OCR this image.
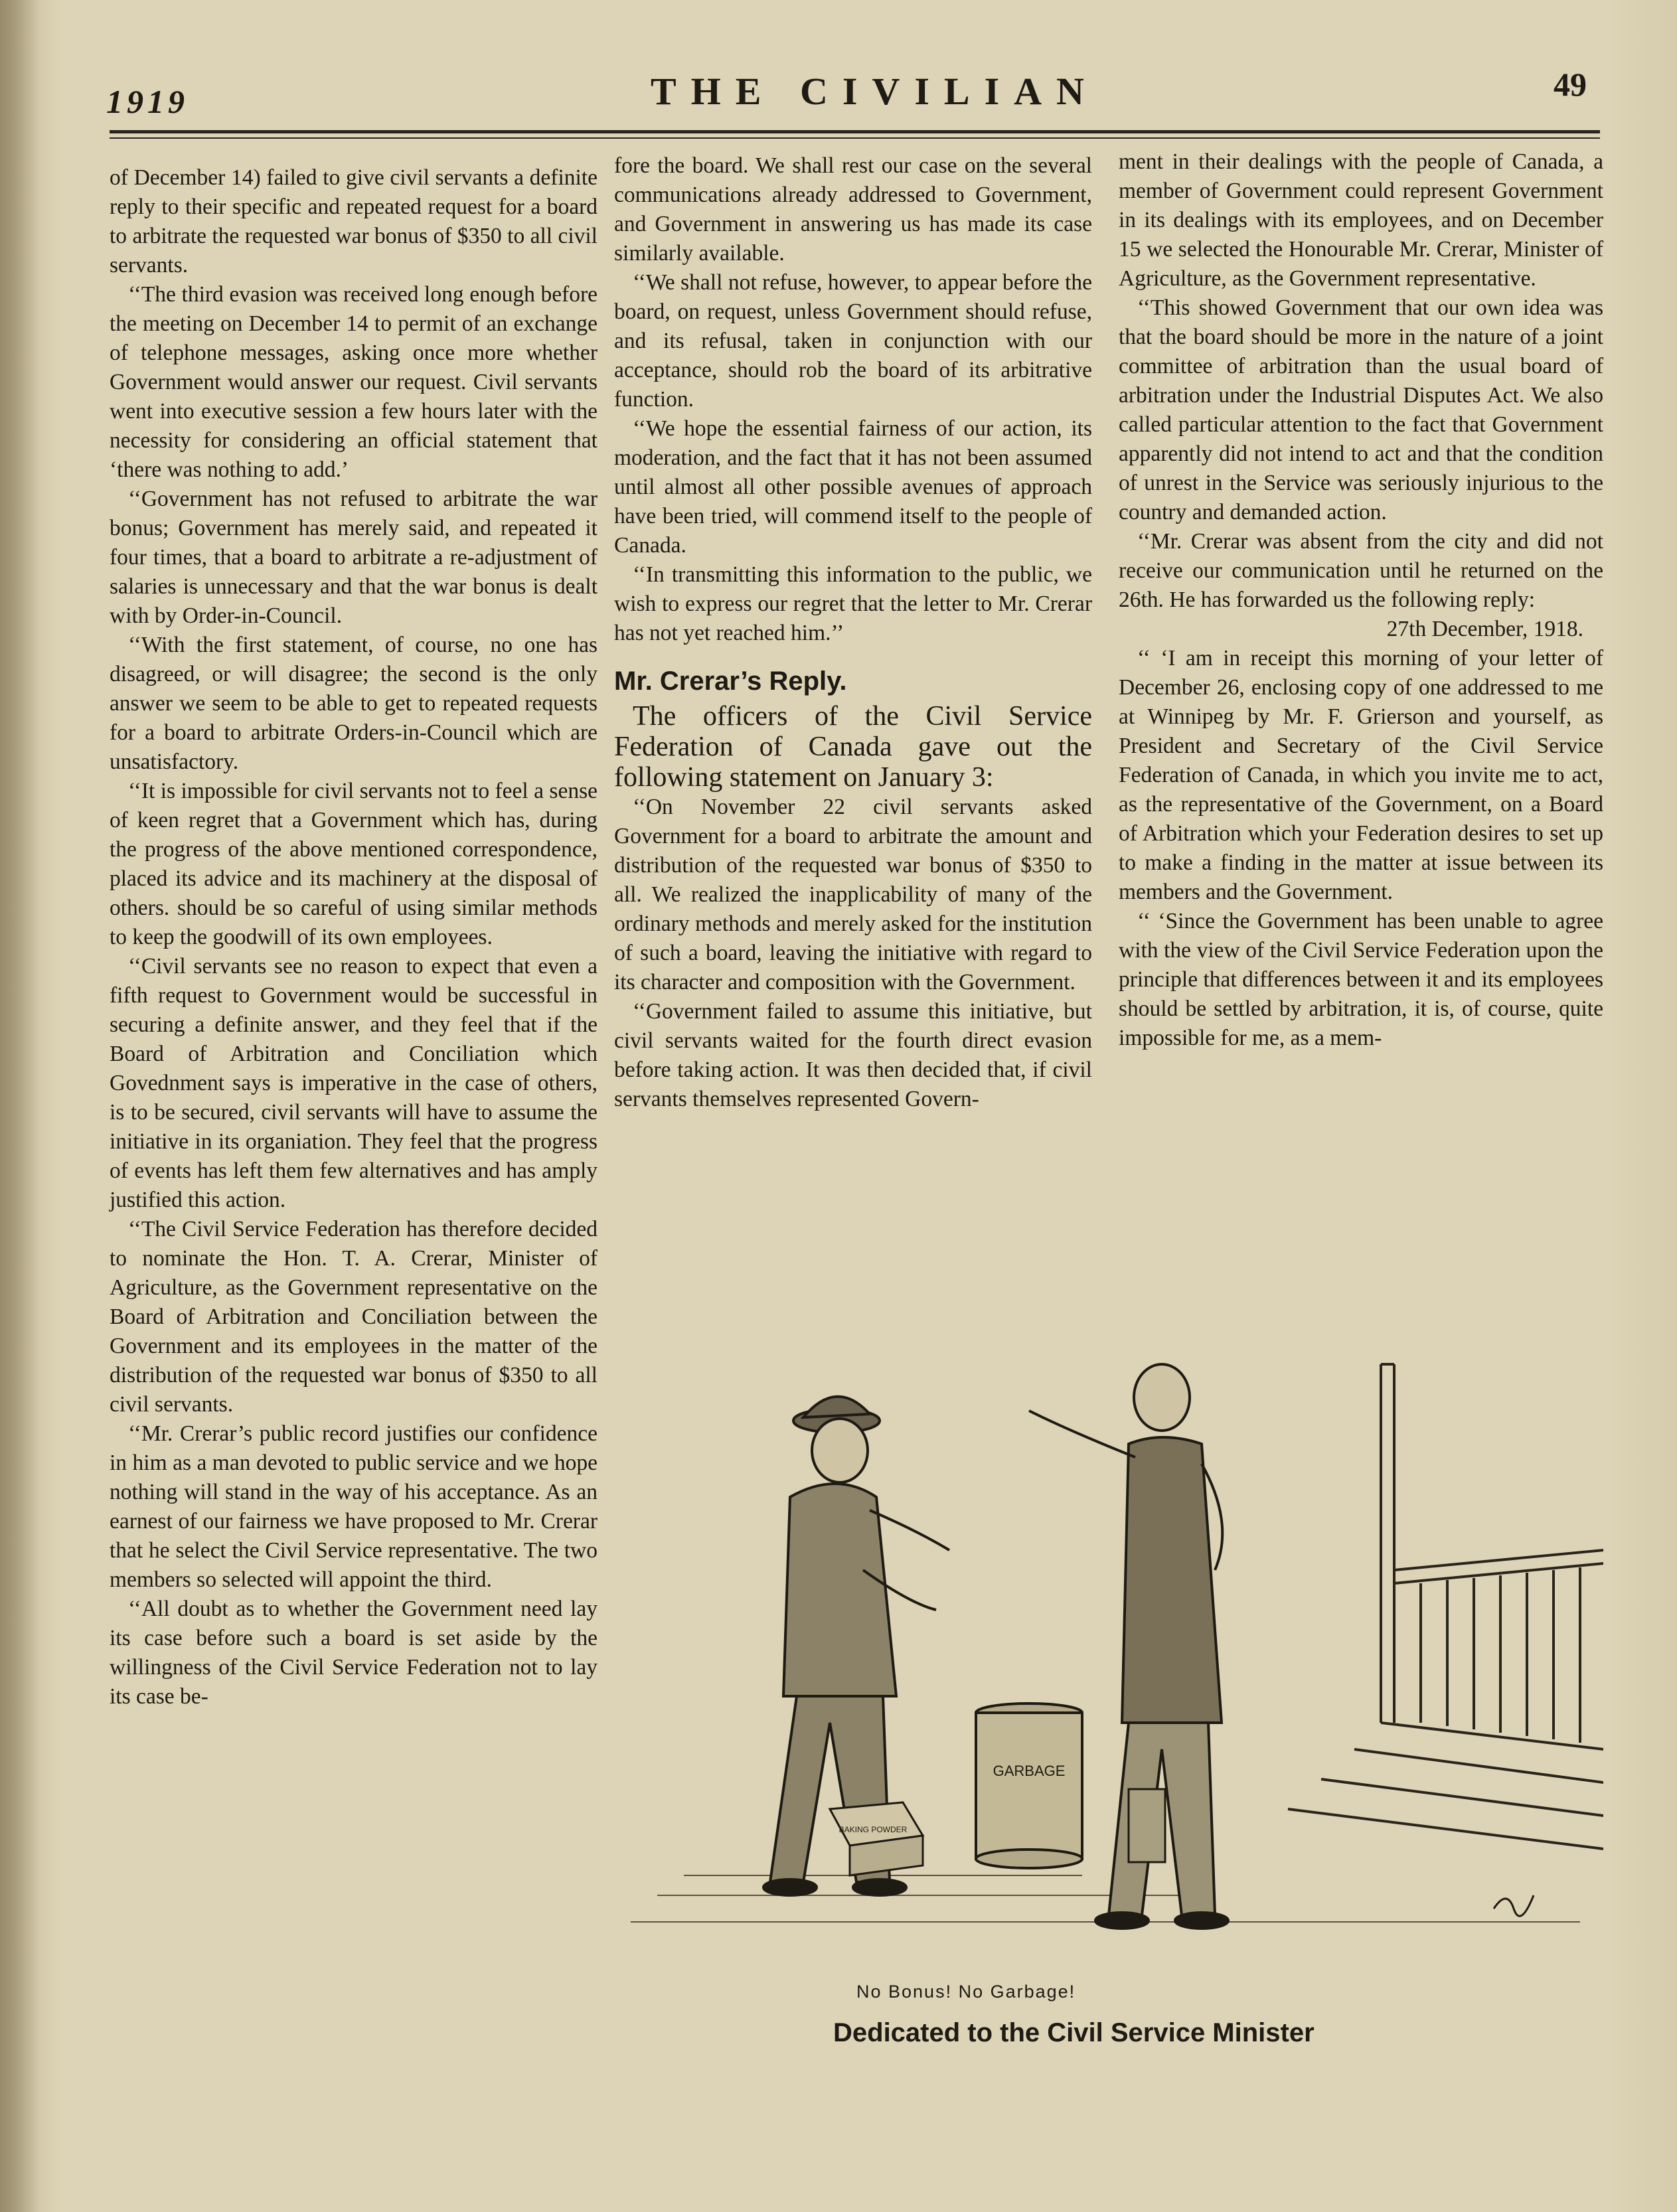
1919	THE CIVILIAN	49

of December 14) failed to give civil servants a definite reply to their specific and repeated request for a board to arbitrate the requested war bonus of $350 to all civil servants.

‘‘The third evasion was received long enough before the meeting on December 14 to permit of an exchange of telephone messages, asking once more whether Government would answer our request. Civil servants went into executive session a few hours later with the necessity for considering an official statement that ‘there was nothing to add.’

‘‘Government has not refused to arbitrate the war bonus; Government has merely said, and repeated it four times, that a board to arbitrate a re-adjustment of salaries is unnecessary and that the war bonus is dealt with by Order-in-Council.

‘‘With the first statement, of course, no one has disagreed, or will disagree; the second is the only answer we seem to be able to get to repeated requests for a board to arbitrate Orders-in-Council which are unsatisfactory.

‘‘It is impossible for civil servants not to feel a sense of keen regret that a Government which has, during the progress of the above mentioned correspondence, placed its advice and its machinery at the disposal of others. should be so careful of using similar methods to keep the goodwill of its own employees.

‘‘Civil servants see no reason to expect that even a fifth request to Government would be successful in securing a definite answer, and they feel that if the Board of Arbitration and Conciliation which Govednment says is imperative in the case of others, is to be secured, civil servants will have to assume the initiative in its organiation. They feel that the progress of events has left them few alternatives and has amply justified this action.

‘‘The Civil Service Federation has therefore decided to nominate the Hon. T. A. Crerar, Minister of Agriculture, as the Government representative on the Board of Arbitration and Conciliation between the Government and its employees in the matter of the distribution of the requested war bonus of $350 to all civil servants.

‘‘Mr. Crerar’s public record justifies our confidence in him as a man devoted to public service and we hope nothing will stand in the way of his acceptance. As an earnest of our fairness we have proposed to Mr. Crerar that he select the Civil Service representative. The two members so selected will appoint the third.

‘‘All doubt as to whether the Government need lay its case before such a board is set aside by the willingness of the Civil Service Federation not to lay its case be-

fore the board. We shall rest our case on the several communications already addressed to Government, and Government in answering us has made its case similarly available.

‘‘We shall not refuse, however, to appear before the board, on request, unless Government should refuse, and its refusal, taken in conjunction with our acceptance, should rob the board of its arbitrative function.

‘‘We hope the essential fairness of our action, its moderation, and the fact that it has not been assumed until almost all other possible avenues of approach have been tried, will commend itself to the people of Canada.

‘‘In transmitting this information to the public, we wish to express our regret that the letter to Mr. Crerar has not yet reached him.’’

Mr. Crerar’s Reply.

The officers of the Civil Service Federation of Canada gave out the following statement on January 3:

‘‘On November 22 civil servants asked Government for a board to arbitrate the amount and distribution of the requested war bonus of $350 to all. We realized the inapplicability of many of the ordinary methods and merely asked for the institution of such a board, leaving the initiative with regard to its character and composition with the Government.

‘‘Government failed to assume this initiative, but civil servants waited for the fourth direct evasion before taking action. It was then decided that, if civil servants themselves represented Govern-

ment in their dealings with the people of Canada, a member of Government could represent Government in its dealings with its employees, and on December 15 we selected the Honourable Mr. Crerar, Minister of Agriculture, as the Government representative.

‘‘This showed Government that our own idea was that the board should be more in the nature of a joint committee of arbitration than the usual board of arbitration under the Industrial Disputes Act. We also called particular attention to the fact that Government apparently did not intend to act and that the condition of unrest in the Service was seriously injurious to the country and demanded action.

‘‘Mr. Crerar was absent from the city and did not receive our communication until he returned on the 26th. He has forwarded us the following reply:

27th December, 1918.

‘‘ ‘I am in receipt this morning of your letter of December 26, enclosing copy of one addressed to me at Winnipeg by Mr. F. Grierson and yourself, as President and Secretary of the Civil Service Federation of Canada, in which you invite me to act, as the representative of the Government, on a Board of Arbitration which your Federation desires to set up to make a finding in the matter at issue between its members and the Government.

‘‘ ‘Since the Government has been unable to agree with the view of the Civil Service Federation upon the principle that differences between it and its employees should be settled by arbitration, it is, of course, quite impossible for me, as a mem-

GARBAGE
BAKING POWDER
No Bonus! No Garbage!
Dedicated to the Civil Service Minister
